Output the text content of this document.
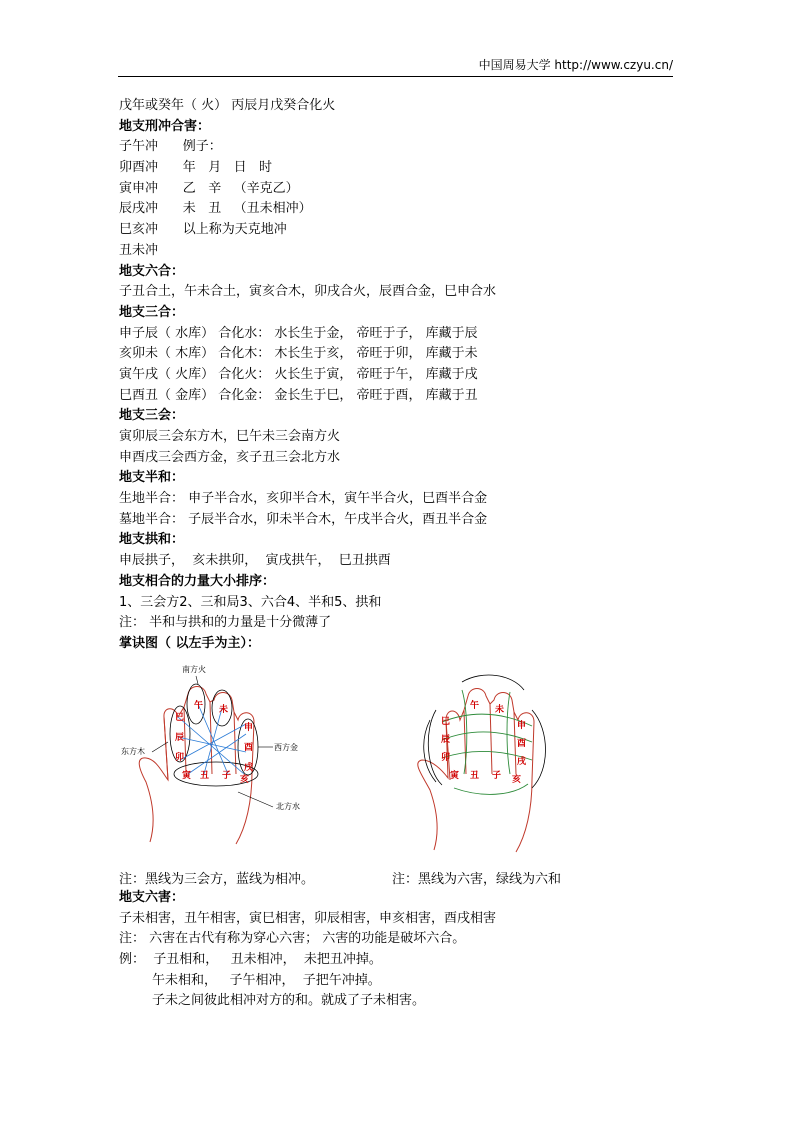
中国周易大学 http://www.czyu.cn/
戊年或癸年（ 火） 丙辰月戊癸合化火
地支刑冲合害：
子午冲      例子：
卯酉冲      年   月   日   时
寅申冲      乙   辛   （辛克乙）
辰戌冲      未   丑   （丑未相冲）
巳亥冲      以上称为天克地冲
丑未冲
地支六合：
子丑合土，午未合土，寅亥合木，卯戌合火，辰酉合金，巳申合水
地支三合：
申子辰（ 水库） 合化水： 水长生于金， 帝旺于子， 库藏于辰
亥卯未（ 木库） 合化木： 木长生于亥， 帝旺于卯， 库藏于未
寅午戌（ 火库） 合化火： 火长生于寅， 帝旺于午， 库藏于戌
巳酉丑（ 金库） 合化金： 金长生于巳， 帝旺于酉， 库藏于丑
地支三会：
寅卯辰三会东方木，巳午未三会南方火
申酉戌三会西方金，亥子丑三会北方水
地支半和：
生地半合： 申子半合水，亥卯半合木，寅午半合火，巳酉半合金
墓地半合： 子辰半合水，卯未半合木，午戌半合火，酉丑半合金
地支拱和：
申辰拱子，  亥未拱卯，  寅戌拱午，  巳丑拱酉
地支相合的力量大小排序：
1、三会方2、三和局3、六合4、半和5、拱和
注： 半和与拱和的力量是十分微薄了
掌诀图（ 以左手为主）：
南方火
东方木	西方金
北方水
巳
辰
卯
午 未
申
酉
戌
寅 丑 子 亥
巳
辰
卯
午 未
申
酉
戌
寅 丑 子 亥
注：黑线为三会方，蓝线为相冲。	注：黑线为六害，绿线为六和
地支六害：
子未相害，丑午相害，寅巳相害，卯辰相害，申亥相害，酉戌相害
注： 六害在古代有称为穿心六害； 六害的功能是破坏六合。
例：  子丑相和，   丑未相冲，  未把丑冲掉。
午未相和，   子午相冲，  子把午冲掉。
子未之间彼此相冲对方的和。就成了子未相害。
